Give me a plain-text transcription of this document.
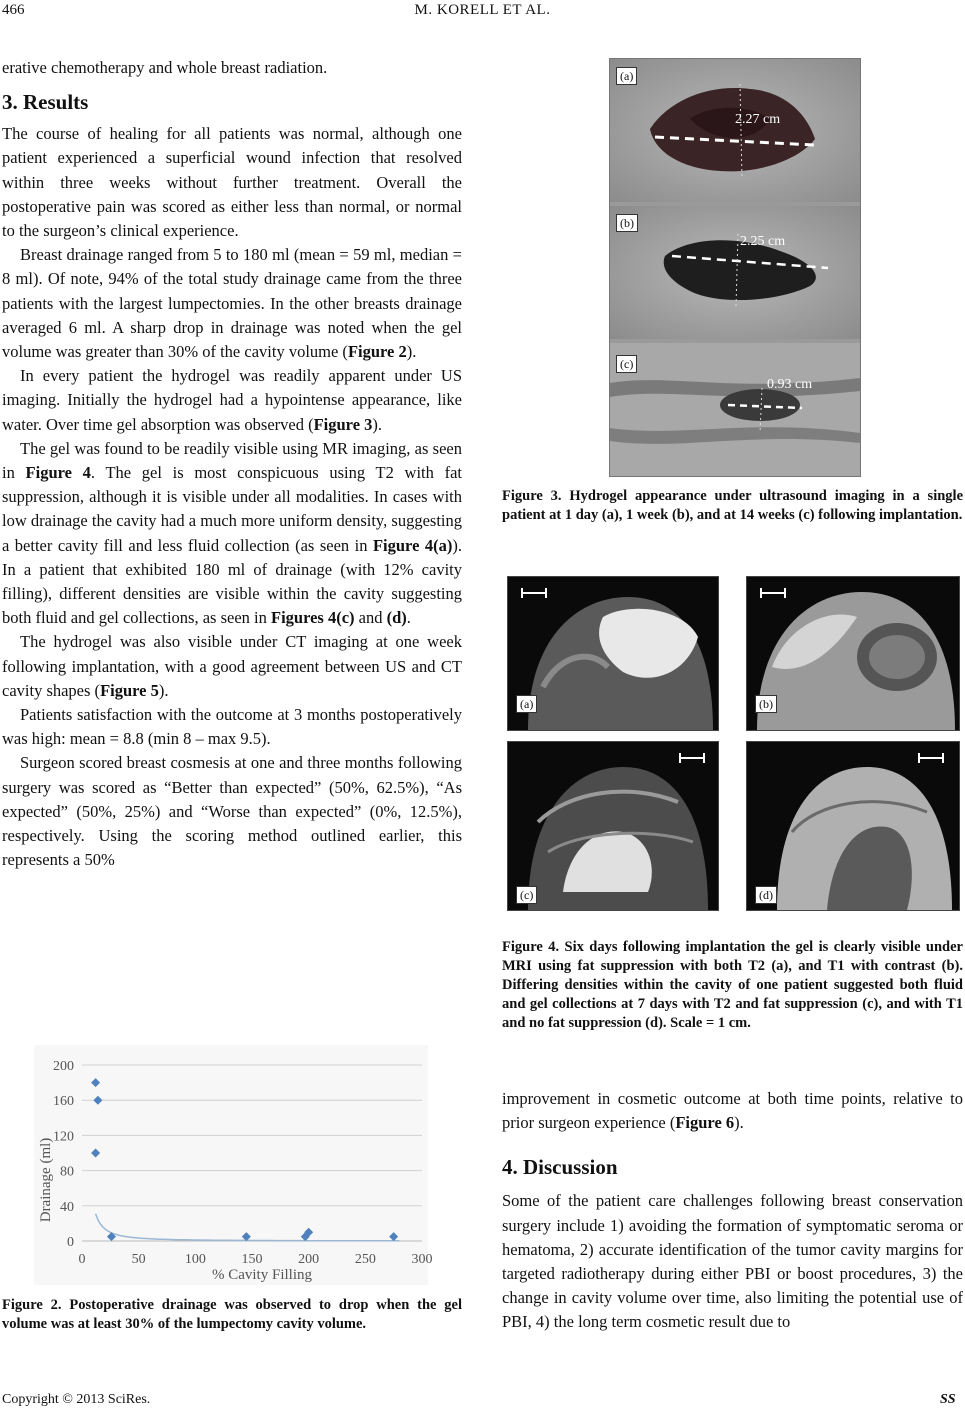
466	M. KORELL ET AL.

erative chemotherapy and whole breast radiation.

3. Results

The course of healing for all patients was normal, although one patient experienced a superficial wound infection that resolved within three weeks without further treatment. Overall the postoperative pain was scored as either less than normal, or normal to the surgeon’s clinical experience.

Breast drainage ranged from 5 to 180 ml (mean = 59 ml, median = 8 ml). Of note, 94% of the total study drainage came from the three patients with the largest lumpectomies. In the other breasts drainage averaged 6 ml. A sharp drop in drainage was noted when the gel volume was greater than 30% of the cavity volume (Figure 2).

In every patient the hydrogel was readily apparent under US imaging. Initially the hydrogel had a hypointense appearance, like water. Over time gel absorption was observed (Figure 3).

The gel was found to be readily visible using MR imaging, as seen in Figure 4. The gel is most conspicuous using T2 with fat suppression, although it is visible under all modalities. In cases with low drainage the cavity had a much more uniform density, suggesting a better cavity fill and less fluid collection (as seen in Figure 4(a)). In a patient that exhibited 180 ml of drainage (with 12% cavity filling), different densities are visible within the cavity suggesting both fluid and gel collections, as seen in Figures 4(c) and (d).

The hydrogel was also visible under CT imaging at one week following implantation, with a good agreement between US and CT cavity shapes (Figure 5).

Patients satisfaction with the outcome at 3 months postoperatively was high: mean = 8.8 (min 8 – max 9.5).

Surgeon scored breast cosmesis at one and three months following surgery was scored as “Better than expected” (50%, 62.5%), “As expected” (50%, 25%) and “Worse than expected” (0%, 12.5%), respectively. Using the scoring method outlined earlier, this represents a 50%

0
40
80
120
160
200
0	50	100	150	200	250	300
Drainage (ml)
% Cavity Filling
Figure 2. Postoperative drainage was observed to drop when the gel volume was at least 30% of the lumpectomy cavity volume.
(a)
2.27 cm
(b)
2.25 cm
(c)
0.93 cm
Figure 3. Hydrogel appearance under ultrasound imaging in a single patient at 1 day (a), 1 week (b), and at 14 weeks (c) following implantation.
(a)	(b)
(c)	(d)
Figure 4. Six days following implantation the gel is clearly visible under MRI using fat suppression with both T2 (a), and T1 with contrast (b). Differing densities within the cavity of one patient suggested both fluid and gel collections at 7 days with T2 and fat suppression (c), and with T1 and no fat suppression (d). Scale = 1 cm.

improvement in cosmetic outcome at both time points, relative to prior surgeon experience (Figure 6).

4. Discussion

Some of the patient care challenges following breast conservation surgery include 1) avoiding the formation of symptomatic seroma or hematoma, 2) accurate identification of the tumor cavity margins for targeted radiotherapy during either PBI or boost procedures, 3) the change in cavity volume over time, also limiting the potential use of PBI, 4) the long term cosmetic result due to

Copyright © 2013 SciRes.	SS
